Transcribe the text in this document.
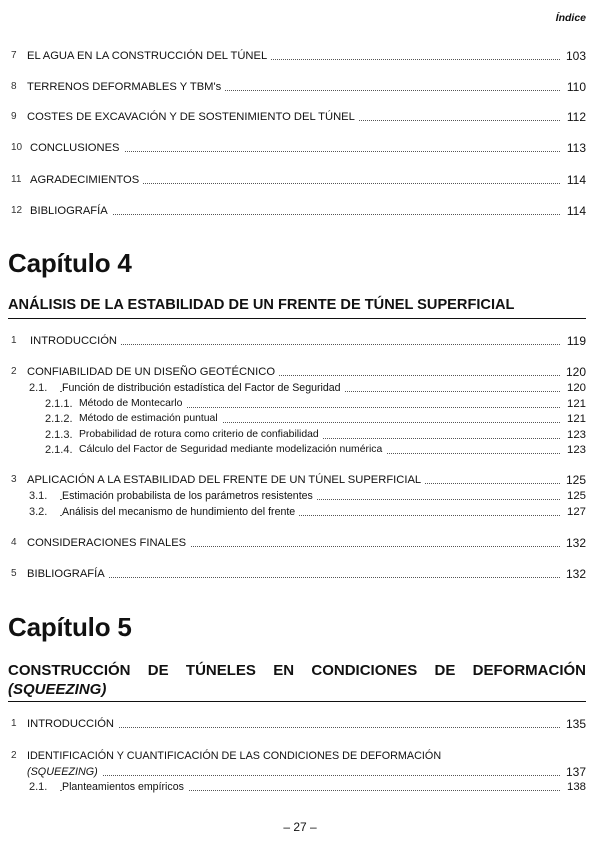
Índice
7 EL AGUA EN LA CONSTRUCCIÓN DEL TÚNEL	103
8 TERRENOS DEFORMABLES Y TBM's	110
9 COSTES DE EXCAVACIÓN Y DE SOSTENIMIENTO DEL TÚNEL	112
10 CONCLUSIONES	113
11 AGRADECIMIENTOS	114
12 BIBLIOGRAFÍA	114
Capítulo 4
ANÁLISIS DE LA ESTABILIDAD DE UN FRENTE DE TÚNEL SUPERFICIAL
1	INTRODUCCIÓN	119
2 CONFIABILIDAD DE UN DISEÑO GEOTÉCNICO	120
2.1. Función de distribución estadística del Factor de Seguridad	120
2.1.1. Método de Montecarlo	121
2.1.2. Método de estimación puntual	121
2.1.3. Probabilidad de rotura como criterio de confiabilidad	123
2.1.4. Cálculo del Factor de Seguridad mediante modelización numérica	123
3 APLICACIÓN A LA ESTABILIDAD DEL FRENTE DE UN TÚNEL SUPERFICIAL	125
3.1. Estimación probabilista de los parámetros resistentes	125
3.2. Análisis del mecanismo de hundimiento del frente	127
4 CONSIDERACIONES FINALES	132
5 BIBLIOGRAFÍA	132
Capítulo 5
CONSTRUCCIÓN DE TÚNELES EN CONDICIONES DE DEFORMACIÓN
(SQUEEZING)
1 INTRODUCCIÓN	135
2 IDENTIFICACIÓN Y CUANTIFICACIÓN DE LAS CONDICIONES DE DEFORMACIÓN
(SQUEEZING)	137
2.1. Planteamientos empíricos	138
– 27 –
